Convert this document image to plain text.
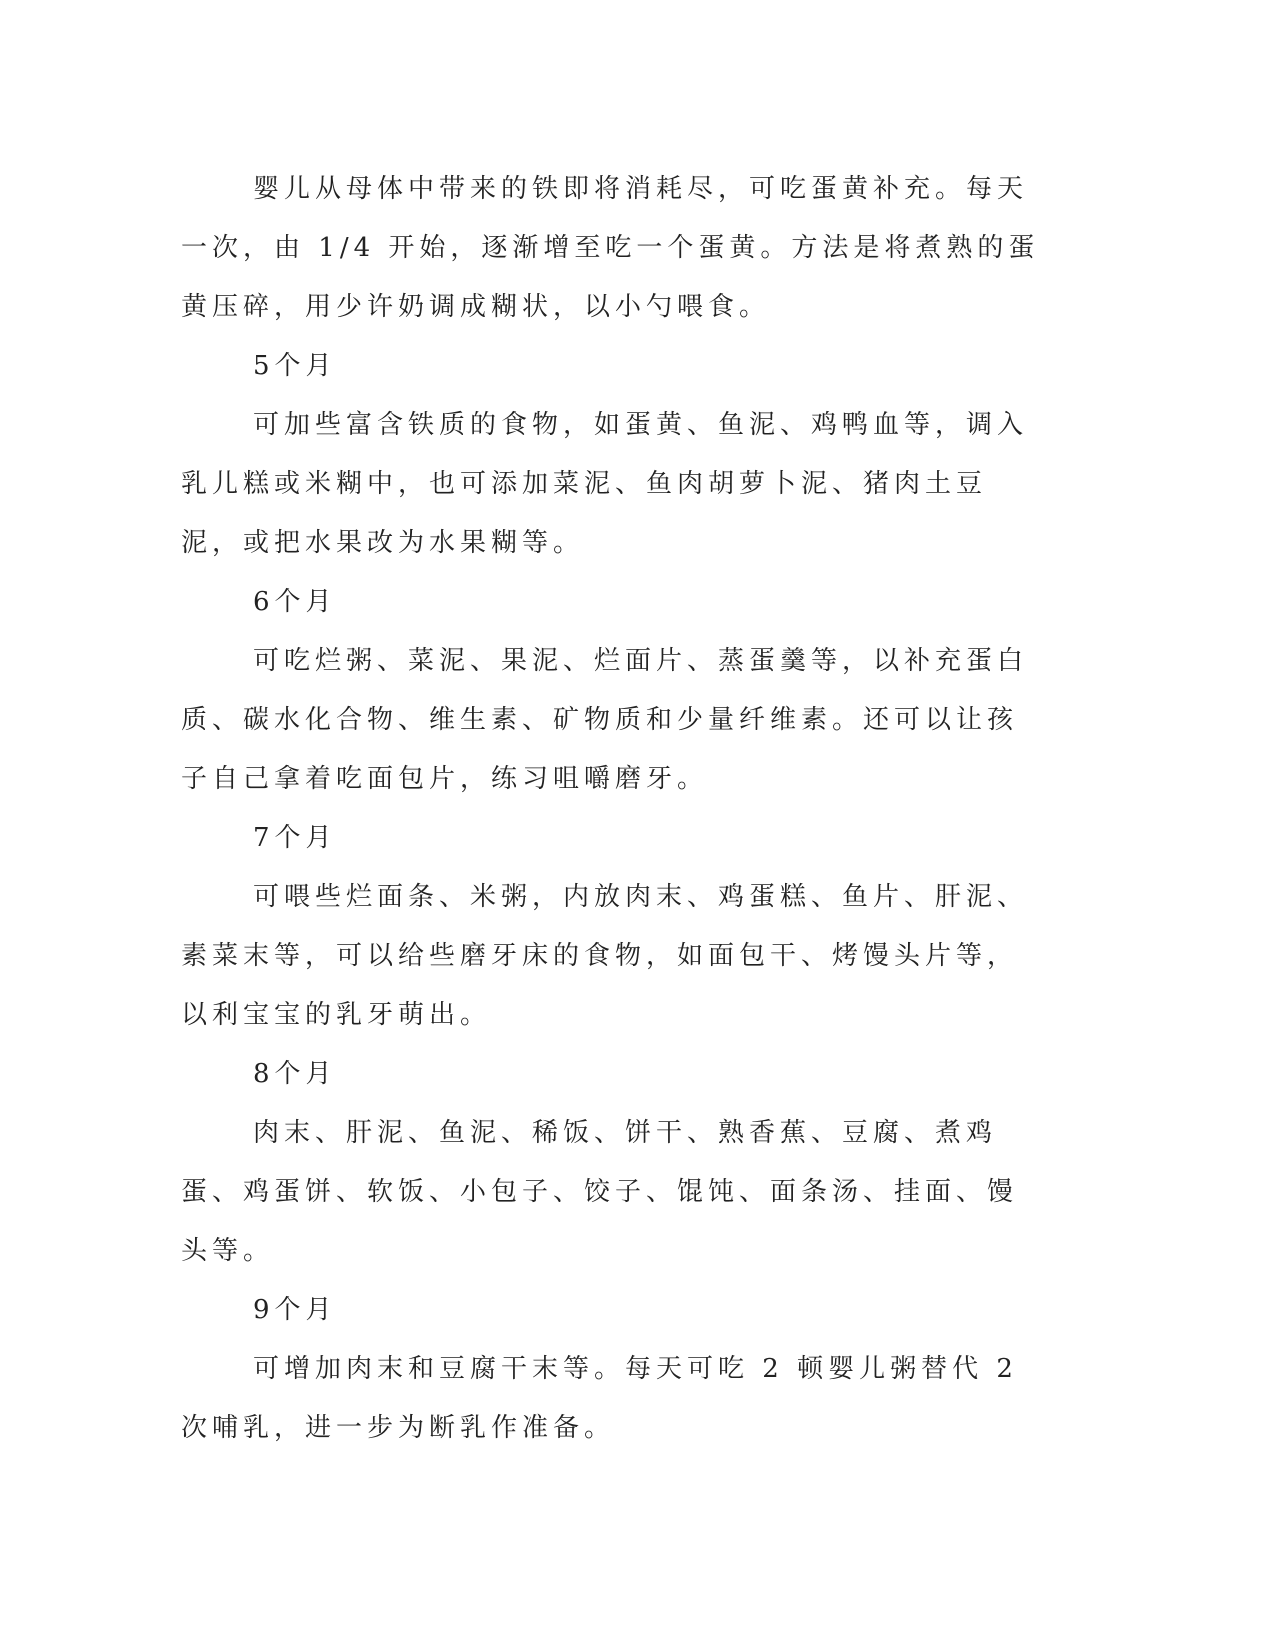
婴儿从母体中带来的铁即将消耗尽，可吃蛋黄补充。每天一次，由 1/4 开始，逐渐增至吃一个蛋黄。方法是将煮熟的蛋黄压碎，用少许奶调成糊状，以小勺喂食。
5个月
可加些富含铁质的食物，如蛋黄、鱼泥、鸡鸭血等，调入乳儿糕或米糊中，也可添加菜泥、鱼肉胡萝卜泥、猪肉土豆泥，或把水果改为水果糊等。
6个月
可吃烂粥、菜泥、果泥、烂面片、蒸蛋羹等，以补充蛋白质、碳水化合物、维生素、矿物质和少量纤维素。还可以让孩子自己拿着吃面包片，练习咀嚼磨牙。
7个月
可喂些烂面条、米粥，内放肉末、鸡蛋糕、鱼片、肝泥、素菜末等，可以给些磨牙床的食物，如面包干、烤馒头片等，以利宝宝的乳牙萌出。
8个月
肉末、肝泥、鱼泥、稀饭、饼干、熟香蕉、豆腐、煮鸡蛋、鸡蛋饼、软饭、小包子、饺子、馄饨、面条汤、挂面、馒头等。
9个月
可增加肉末和豆腐干末等。每天可吃 2 顿婴儿粥替代 2 次哺乳，进一步为断乳作准备。
